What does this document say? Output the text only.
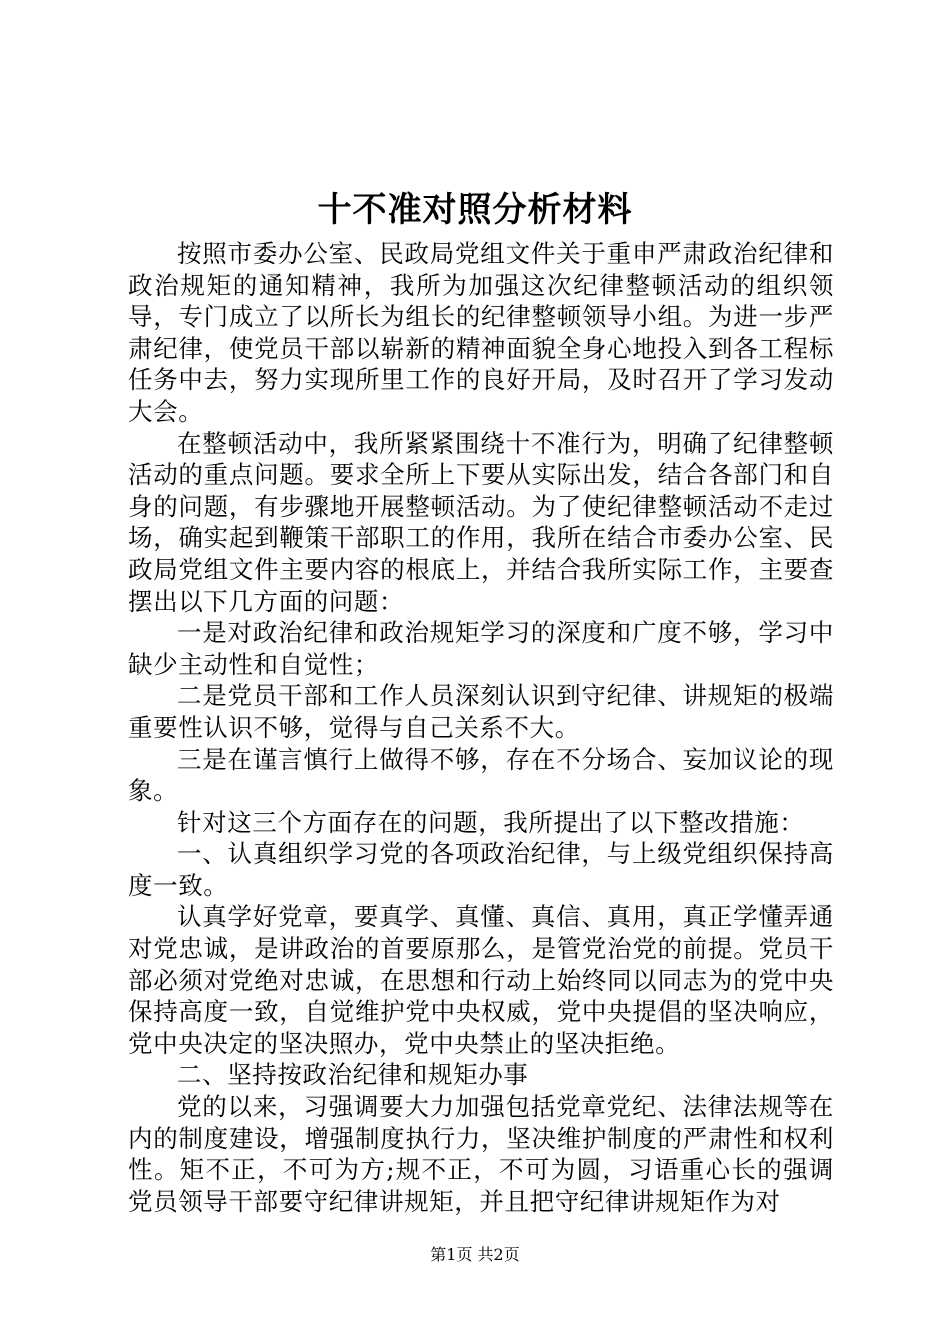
十不准对照分析材料

按照市委办公室、民政局党组文件关于重申严肃政治纪律和政治规矩的通知精神，我所为加强这次纪律整顿活动的组织领导，专门成立了以所长为组长的纪律整顿领导小组。为进一步严肃纪律，使党员干部以崭新的精神面貌全身心地投入到各工程标任务中去，努力实现所里工作的良好开局，及时召开了学习发动大会。

在整顿活动中，我所紧紧围绕十不准行为，明确了纪律整顿活动的重点问题。要求全所上下要从实际出发，结合各部门和自身的问题，有步骤地开展整顿活动。为了使纪律整顿活动不走过场，确实起到鞭策干部职工的作用，我所在结合市委办公室、民政局党组文件主要内容的根底上，并结合我所实际工作，主要查摆出以下几方面的问题：

一是对政治纪律和政治规矩学习的深度和广度不够，学习中缺少主动性和自觉性；

二是党员干部和工作人员深刻认识到守纪律、讲规矩的极端重要性认识不够，觉得与自己关系不大。

三是在谨言慎行上做得不够，存在不分场合、妄加议论的现象。

针对这三个方面存在的问题，我所提出了以下整改措施：

一、认真组织学习党的各项政治纪律，与上级党组织保持高度一致。

认真学好党章，要真学、真懂、真信、真用，真正学懂弄通对党忠诚，是讲政治的首要原那么，是管党治党的前提。党员干部必须对党绝对忠诚，在思想和行动上始终同以同志为的党中央保持高度一致，自觉维护党中央权威，党中央提倡的坚决响应，党中央决定的坚决照办，党中央禁止的坚决拒绝。

二、坚持按政治纪律和规矩办事

党的以来，习强调要大力加强包括党章党纪、法律法规等在内的制度建设，增强制度执行力，坚决维护制度的严肃性和权利性。矩不正，不可为方;规不正，不可为圆，习语重心长的强调党员领导干部要守纪律讲规矩，并且把守纪律讲规矩作为对

第1页 共2页
